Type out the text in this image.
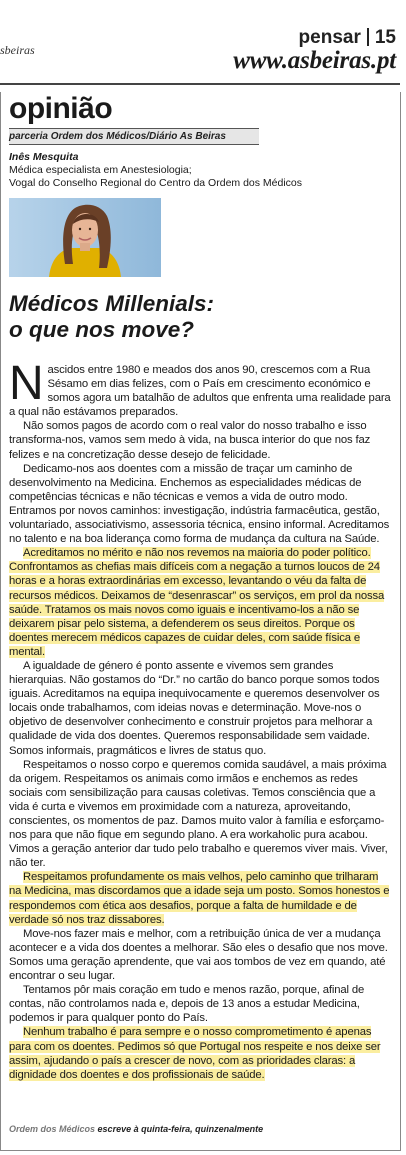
sbeiras
pensar 15
www.asbeiras.pt
opinião
parceria Ordem dos Médicos/Diário As Beiras
Inês Mesquita
Médica especialista em Anestesiologia;
Vogal do Conselho Regional do Centro da Ordem dos Médicos
Médicos Millenials:
o que nos move?

Nascidos entre 1980 e meados dos anos 90, crescemos com a Rua Sésamo em dias felizes, com o País em crescimento económico e somos agora um batalhão de adultos que enfrenta uma realidade para a qual não estávamos preparados.

Não somos pagos de acordo com o real valor do nosso trabalho e isso transforma-nos, vamos sem medo à vida, na busca interior do que nos faz felizes e na concretização desse desejo de felicidade.

Dedicamo-nos aos doentes com a missão de traçar um caminho de desenvolvimento na Medicina. Enchemos as especialidades médicas de competências técnicas e não técnicas e vemos a vida de outro modo. Entramos por novos caminhos: investigação, indústria farmacêutica, gestão, voluntariado, associativismo, assessoria técnica, ensino informal. Acreditamos no talento e na boa liderança como forma de mudança da cultura na Saúde.

Acreditamos no mérito e não nos revemos na maioria do poder político. Confrontamos as chefias mais difíceis com a negação a turnos loucos de 24 horas e a horas extraordinárias em excesso, levantando o véu da falta de recursos médicos. Deixamos de “desenrascar” os serviços, em prol da nossa saúde. Tratamos os mais novos como iguais e incentivamo-los a não se deixarem pisar pelo sistema, a defenderem os seus direitos. Porque os doentes merecem médicos capazes de cuidar deles, com saúde física e mental.

A igualdade de género é ponto assente e vivemos sem grandes hierarquias. Não gostamos do “Dr.” no cartão do banco porque somos todos iguais. Acreditamos na equipa inequivocamente e queremos desenvolver os locais onde trabalhamos, com ideias novas e determinação. Move-nos o objetivo de desenvolver conhecimento e construir projetos para melhorar a qualidade de vida dos doentes. Queremos responsabilidade sem vaidade. Somos informais, pragmáticos e livres de status quo.

Respeitamos o nosso corpo e queremos comida saudável, a mais próxima da origem. Respeitamos os animais como irmãos e enchemos as redes sociais com sensibilização para causas coletivas. Temos consciência que a vida é curta e vivemos em proximidade com a natureza, aproveitando, conscientes, os momentos de paz. Damos muito valor à família e esforçamo-nos para que não fique em segundo plano. A era workaholic pura acabou. Vimos a geração anterior dar tudo pelo trabalho e queremos viver mais. Viver, não ter.

Respeitamos profundamente os mais velhos, pelo caminho que trilharam na Medicina, mas discordamos que a idade seja um posto. Somos honestos e respondemos com ética aos desafios, porque a falta de humildade e de verdade só nos traz dissabores.

Move-nos fazer mais e melhor, com a retribuição única de ver a mudança acontecer e a vida dos doentes a melhorar. São eles o desafio que nos move. Somos uma geração aprendente, que vai aos tombos de vez em quando, até encontrar o seu lugar.

Tentamos pôr mais coração em tudo e menos razão, porque, afinal de contas, não controlamos nada e, depois de 13 anos a estudar Medicina, podemos ir para qualquer ponto do País.

Nenhum trabalho é para sempre e o nosso comprometimento é apenas para com os doentes. Pedimos só que Portugal nos respeite e nos deixe ser assim, ajudando o país a crescer de novo, com as prioridades claras: a dignidade dos doentes e dos profissionais de saúde.

Ordem dos Médicos escreve à quinta-feira, quinzenalmente
